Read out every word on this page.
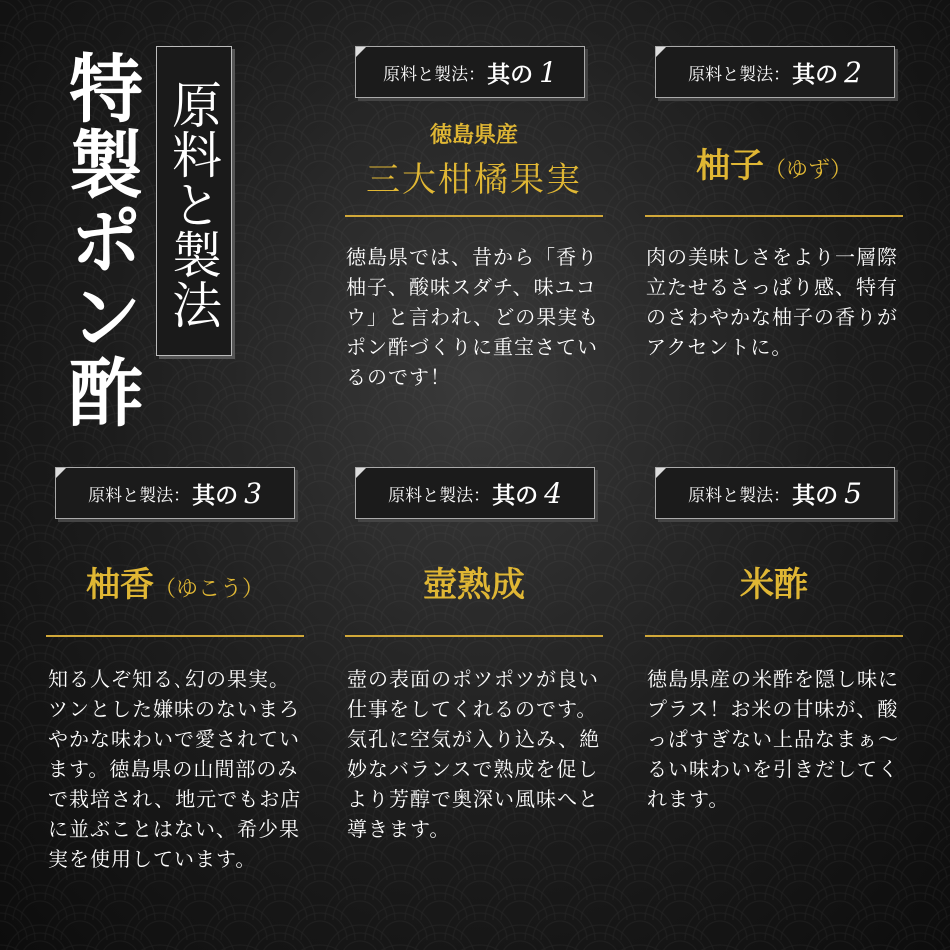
特製ポン酢 原料と製法
原料と製法： 其の 1
徳島県産
三大柑橘果実
徳島県では、昔から「香り柚子、酸味スダチ、味ユコウ」と言われ、どの果実もポン酢づくりに重宝さているのです！
原料と製法： 其の 2
柚子（ゆず）
肉の美味しさをより一層際立たせるさっぱり感、特有のさわやかな柚子の香りがアクセントに。
原料と製法： 其の 3
柚香（ゆこう）
知る人ぞ知る､幻の果実。ツンとした嫌味のないまろやかな味わいで愛されています。徳島県の山間部のみで栽培され、地元でもお店に並ぶことはない、希少果実を使用しています。
原料と製法： 其の 4
壺熟成
壺の表面のポツポツが良い仕事をしてくれるのです。気孔に空気が入り込み、絶妙なバランスで熟成を促しより芳醇で奥深い風味へと導きます。
原料と製法： 其の 5
米酢
徳島県産の米酢を隠し味にプラス！お米の甘味が、酸っぱすぎない上品なまぁ～るい味わいを引きだしてくれます。
